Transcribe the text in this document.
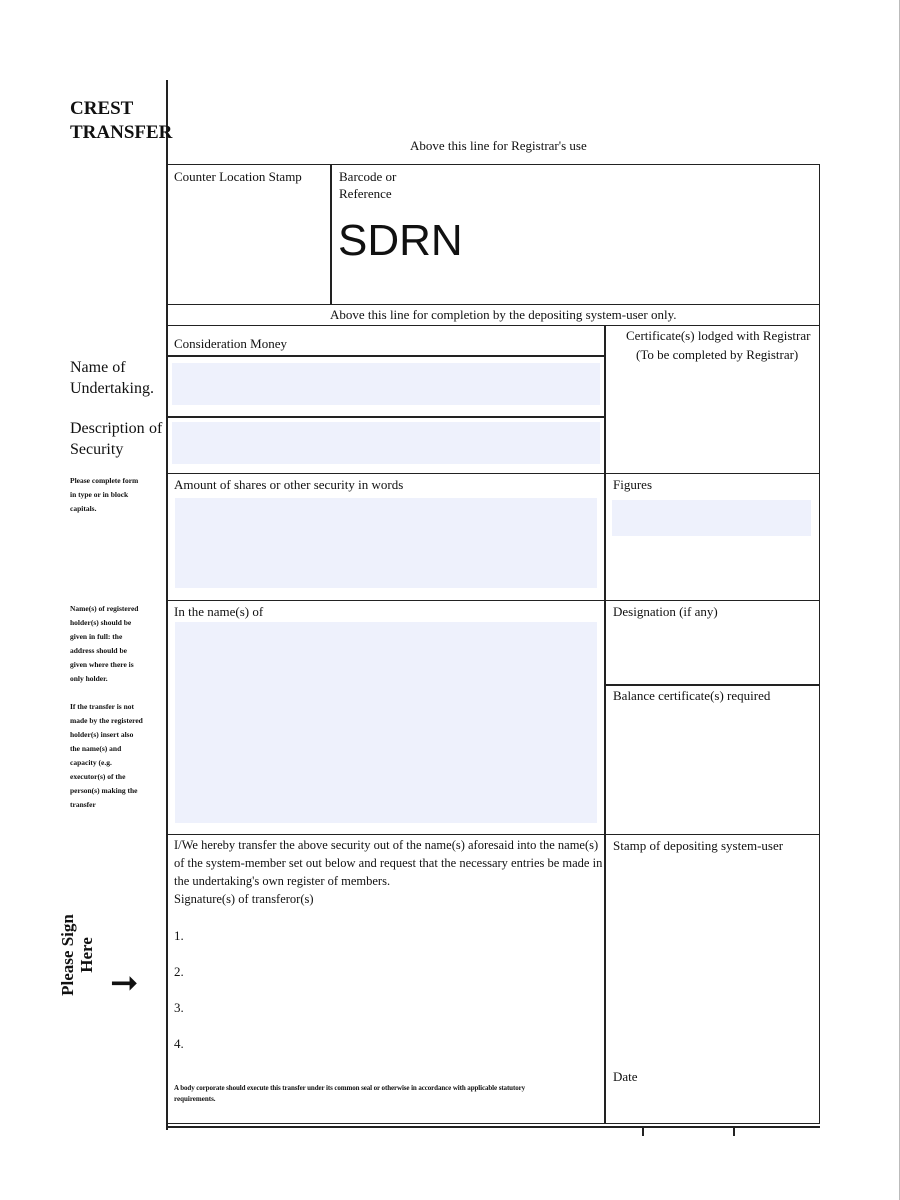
CREST
TRANSFER
Above this line for Registrar's use
Counter Location Stamp	Barcode or
Reference
SDRN
Above this line for completion by the depositing system-user only.
Consideration Money
Certificate(s) lodged with Registrar
(To be completed by Registrar)
Name of
Undertaking.
Description of
Security
Please complete form
in type or in block
capitals.
Amount of shares or other security in words	Figures
In the name(s) of	Designation (if any)
Balance certificate(s) required
Name(s) of registered
holder(s) should be
given in full: the
address should be
given where there is
only holder.
If the transfer is not
made by the registered
holder(s) insert also
the name(s) and
capacity (e.g.
executor(s) of the
person(s) making the
transfer
I/We hereby transfer the above security out of the name(s) aforesaid into the name(s)
of the system-member set out below and request that the necessary entries be made in
the undertaking's own register of members.
Signature(s) of transferor(s)
1.
2.
3.
4.
A body corporate should execute this transfer under its common seal or otherwise in accordance with applicable statutory
requirements.
Stamp of depositing system-user
Date
Please Sign Here
➞
